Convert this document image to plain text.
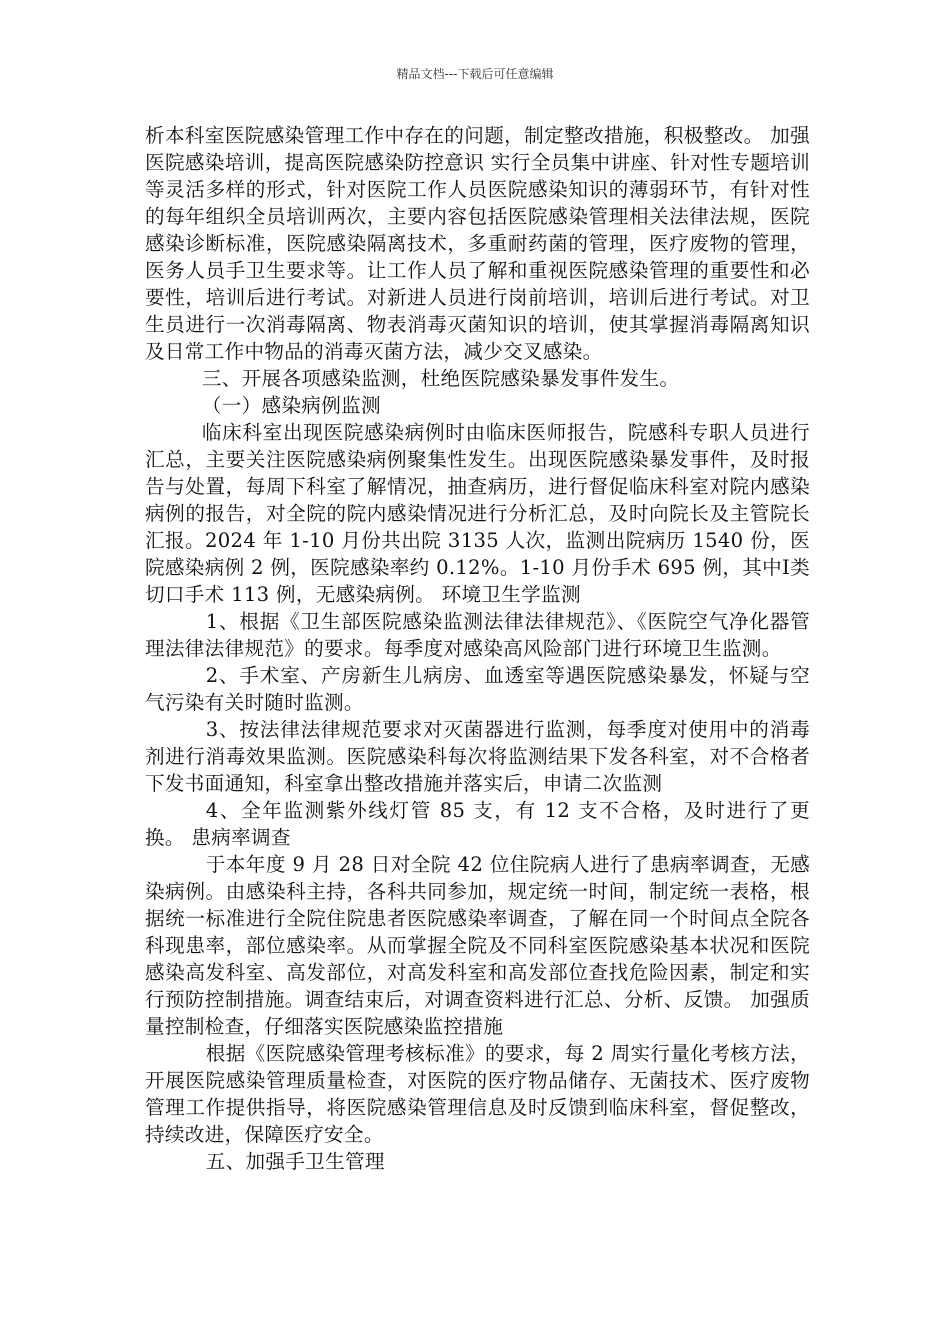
精品文档---下载后可任意编辑

析本科室医院感染管理工作中存在的问题，制定整改措施，积极整改。 加强医院感染培训，提高医院感染防控意识 实行全员集中讲座、针对性专题培训等灵活多样的形式，针对医院工作人员医院感染知识的薄弱环节，有针对性的每年组织全员培训两次，主要内容包括医院感染管理相关法律法规，医院感染诊断标准，医院感染隔离技术，多重耐药菌的管理，医疗废物的管理，医务人员手卫生要求等。让工作人员了解和重视医院感染管理的重要性和必要性，培训后进行考试。对新进人员进行岗前培训，培训后进行考试。对卫生员进行一次消毒隔离、物表消毒灭菌知识的培训，使其掌握消毒隔离知识及日常工作中物品的消毒灭菌方法，减少交叉感染。

三、开展各项感染监测，杜绝医院感染暴发事件发生。

（一）感染病例监测

临床科室出现医院感染病例时由临床医师报告，院感科专职人员进行汇总，主要关注医院感染病例聚集性发生。出现医院感染暴发事件，及时报告与处置，每周下科室了解情况，抽查病历，进行督促临床科室对院内感染病例的报告，对全院的院内感染情况进行分析汇总，及时向院长及主管院长汇报。2024 年 1-10 月份共出院 3135 人次，监测出院病历 1540 份，医院感染病例 2 例，医院感染率约 0.12%。1-10 月份手术 695 例，其中Ⅰ类切口手术 113 例，无感染病例。 环境卫生学监测

1、根据《卫生部医院感染监测法律法律规范》、《医院空气净化器管理法律法律规范》的要求。每季度对感染高风险部门进行环境卫生监测。

2、手术室、产房新生儿病房、血透室等遇医院感染暴发，怀疑与空气污染有关时随时监测。

3、按法律法律规范要求对灭菌器进行监测，每季度对使用中的消毒剂进行消毒效果监测。医院感染科每次将监测结果下发各科室，对不合格者下发书面通知，科室拿出整改措施并落实后，申请二次监测

4、全年监测紫外线灯管 85 支，有 12 支不合格，及时进行了更换。 患病率调查

于本年度 9 月 28 日对全院 42 位住院病人进行了患病率调查，无感染病例。由感染科主持，各科共同参加，规定统一时间，制定统一表格，根据统一标准进行全院住院患者医院感染率调查，了解在同一个时间点全院各科现患率，部位感染率。从而掌握全院及不同科室医院感染基本状况和医院感染高发科室、高发部位，对高发科室和高发部位查找危险因素，制定和实行预防控制措施。调查结束后，对调查资料进行汇总、分析、反馈。 加强质量控制检查，仔细落实医院感染监控措施

根据《医院感染管理考核标准》的要求，每 2 周实行量化考核方法，开展医院感染管理质量检查，对医院的医疗物品储存、无菌技术、医疗废物管理工作提供指导，将医院感染管理信息及时反馈到临床科室，督促整改，持续改进，保障医疗安全。

五、加强手卫生管理
